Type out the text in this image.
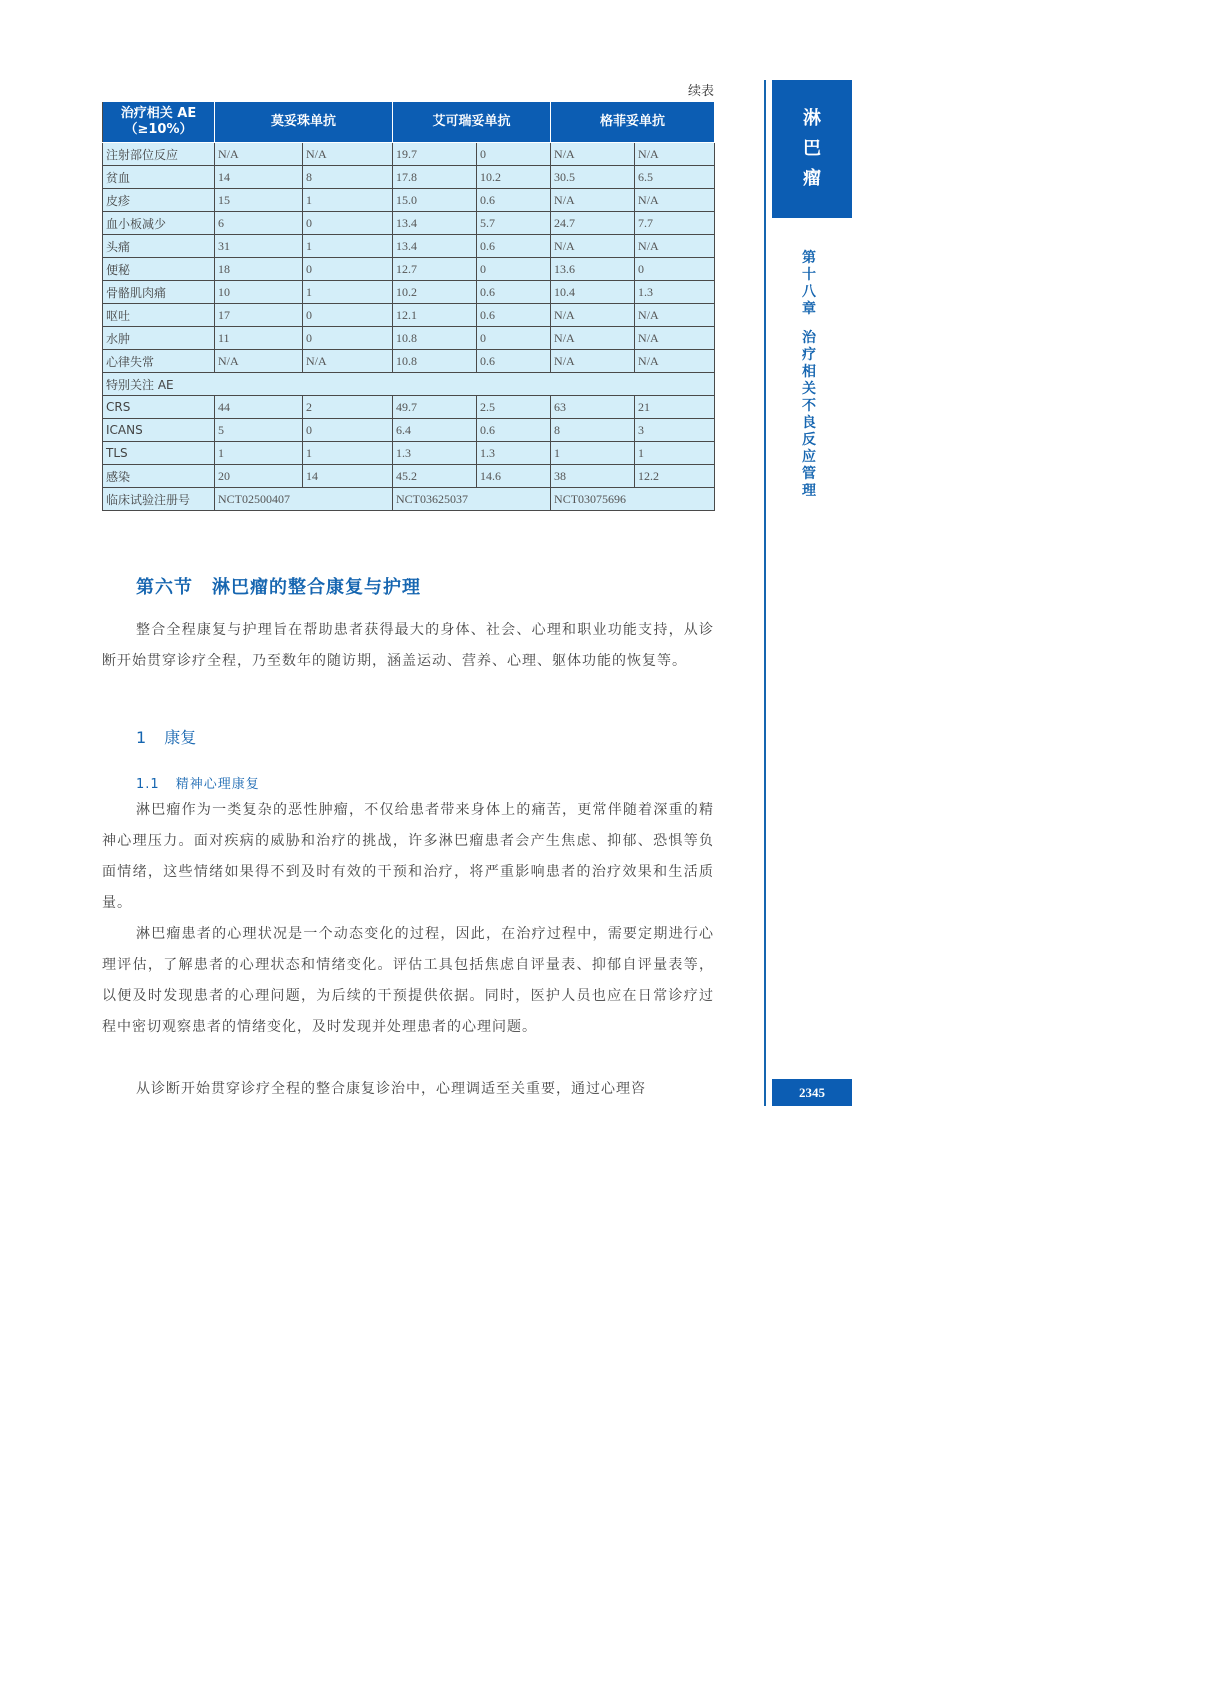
续表
治疗相关 AE（≥10%）	莫妥珠单抗		艾可瑞妥单抗		格菲妥单抗	
注射部位反应	N/A	N/A	19.7	0	N/A	N/A
贫血	14	8	17.8	10.2	30.5	6.5
皮疹	15	1	15.0	0.6	N/A	N/A
血小板减少	6	0	13.4	5.7	24.7	7.7
头痛	31	1	13.4	0.6	N/A	N/A
便秘	18	0	12.7	0	13.6	0
骨骼肌肉痛	10	1	10.2	0.6	10.4	1.3
呕吐	17	0	12.1	0.6	N/A	N/A
水肿	11	0	10.8	0	N/A	N/A
心律失常	N/A	N/A	10.8	0.6	N/A	N/A
特别关注 AE						
CRS	44	2	49.7	2.5	63	21
ICANS	5	0	6.4	0.6	8	3
TLS	1	1	1.3	1.3	1	1
感染	20	14	45.2	14.6	38	12.2
临床试验注册号	NCT02500407		NCT03625037		NCT03075696	
第六节　淋巴瘤的整合康复与护理

整合全程康复与护理旨在帮助患者获得最大的身体、社会、心理和职业功能支持，从诊断开始贯穿诊疗全程，乃至数年的随访期，涵盖运动、营养、心理、躯体功能的恢复等。

1 康复
1.1 精神心理康复

淋巴瘤作为一类复杂的恶性肿瘤，不仅给患者带来身体上的痛苦，更常伴随着深重的精神心理压力。面对疾病的威胁和治疗的挑战，许多淋巴瘤患者会产生焦虑、抑郁、恐惧等负面情绪，这些情绪如果得不到及时有效的干预和治疗，将严重影响患者的治疗效果和生活质量。

淋巴瘤患者的心理状况是一个动态变化的过程，因此，在治疗过程中，需要定期进行心理评估，了解患者的心理状态和情绪变化。评估工具包括焦虑自评量表、抑郁自评量表等，以便及时发现患者的心理问题，为后续的干预提供依据。同时，医护人员也应在日常诊疗过程中密切观察患者的情绪变化，及时发现并处理患者的心理问题。

从诊断开始贯穿诊疗全程的整合康复诊治中，心理调适至关重要，通过心理咨

淋
巴
瘤
第
十
八
章
治
疗
相
关
不
良
反
应
管
理
2345
